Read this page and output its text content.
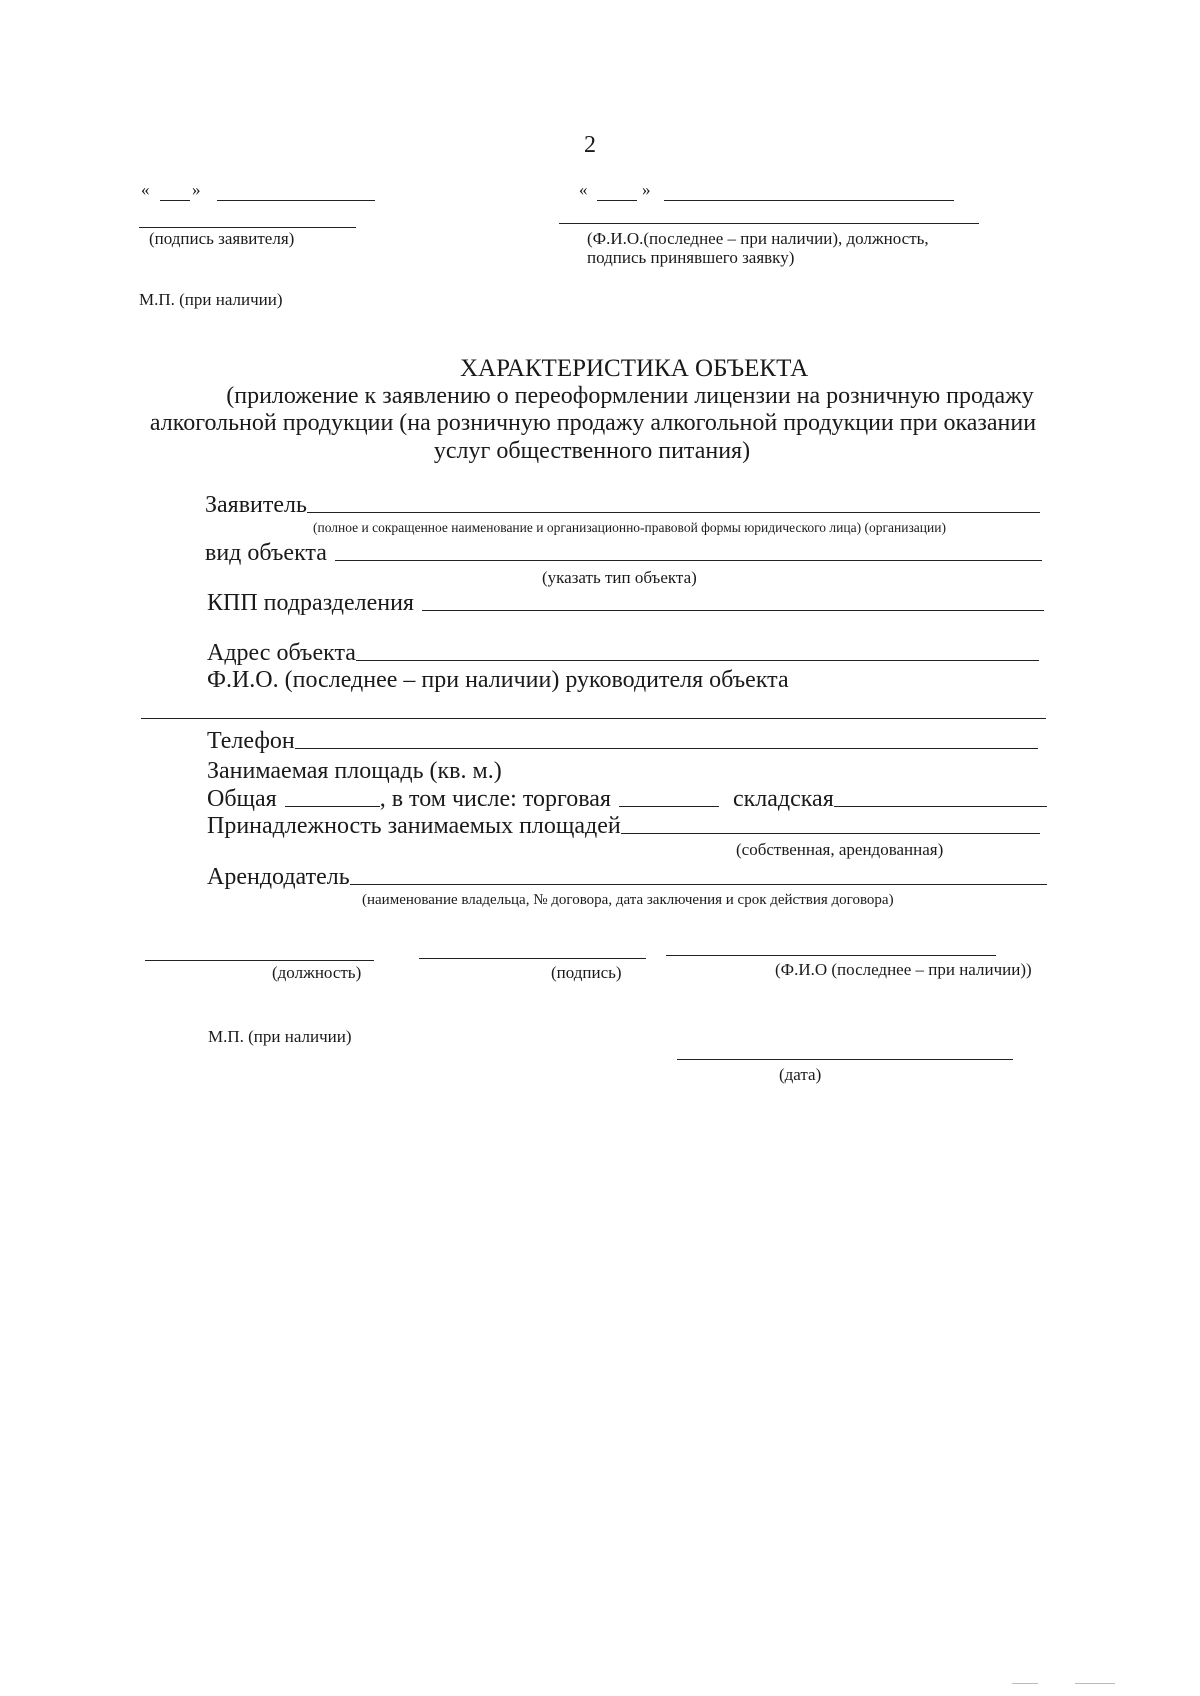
2
«	»
(подпись заявителя)
«	»
(Ф.И.О.(последнее – при наличии), должность,
подпись принявшего заявку)
М.П. (при наличии)
ХАРАКТЕРИСТИКА ОБЪЕКТА
(приложение к заявлению о переоформлении лицензии на розничную продажу
алкогольной продукции (на розничную продажу алкогольной продукции при оказании
услуг общественного питания)
Заявитель
(полное и сокращенное наименование и организационно-правовой формы юридического лица) (организации)
вид объекта
(указать тип объекта)
КПП подразделения
Адрес объекта
Ф.И.О. (последнее – при наличии) руководителя объекта
Телефон
Занимаемая площадь (кв. м.)
Общая	, в том числе: торговая	складская
Принадлежность занимаемых площадей
(собственная, арендованная)
Арендодатель
(наименование владельца, № договора, дата заключения и срок действия договора)
(должность)	(подпись)	(Ф.И.О (последнее – при наличии))
М.П. (при наличии)
(дата)
